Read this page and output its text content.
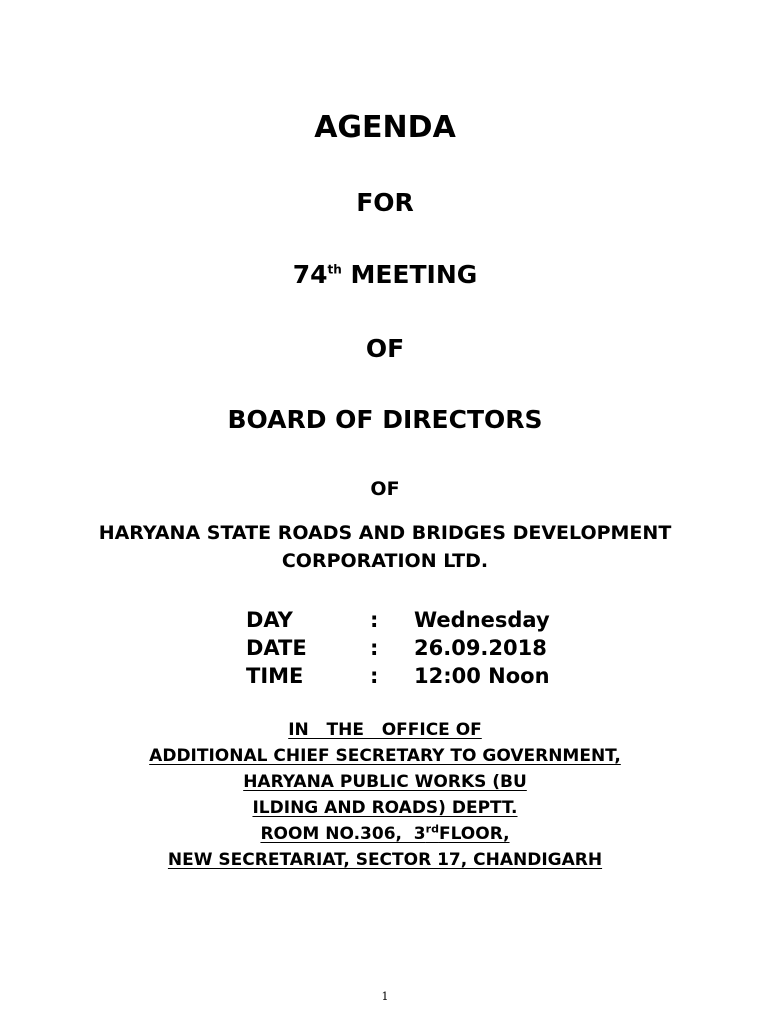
AGENDA
FOR
74th MEETING
OF
BOARD OF DIRECTORS
OF
HARYANA STATE ROADS AND BRIDGES DEVELOPMENT
CORPORATION LTD.
DAY	:	Wednesday
DATE	:	26.09.2018
TIME	:	12:00 Noon
IN   THE   OFFICE OF
ADDITIONAL CHIEF SECRETARY TO GOVERNMENT,
HARYANA PUBLIC WORKS (BU
ILDING AND ROADS) DEPTT.
ROOM NO.306,  3rdFLOOR,
NEW SECRETARIAT, SECTOR 17, CHANDIGARH
1
